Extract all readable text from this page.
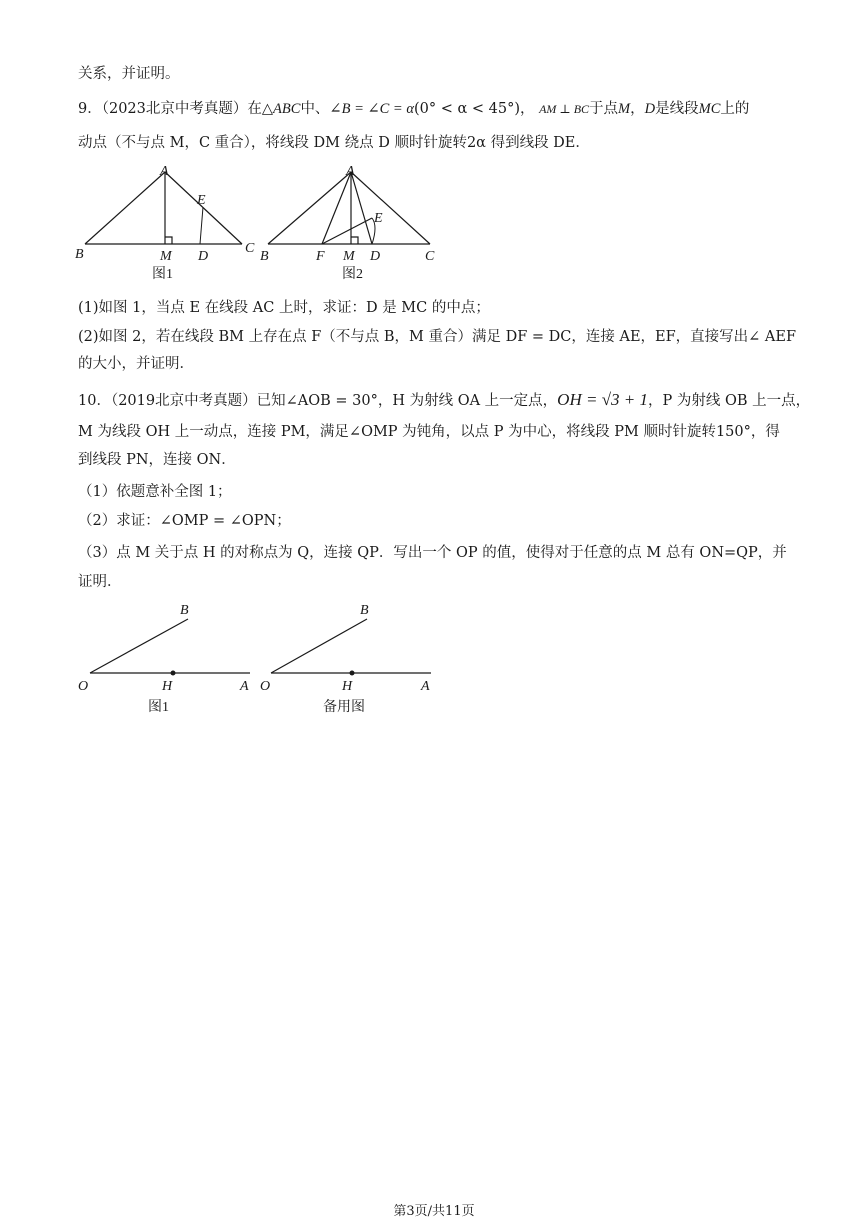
关系，并证明。
9．（2023北京中考真题）在△ABC中、∠B = ∠C = α(0° < α < 45°)， AM ⊥ BC于点M，D是线段MC上的
动点（不与点 M，C 重合），将线段 DM 绕点 D 顺时针旋转2α 得到线段 DE．
A
B	C
M D
E
图1
A
B	C
F M D
E
图2
(1)如图 1，当点 E 在线段 AC 上时，求证：D 是 MC 的中点；
(2)如图 2，若在线段 BM 上存在点 F（不与点 B，M 重合）满足 DF = DC，连接 AE，EF，直接写出∠ AEF
的大小，并证明．
10．（2019北京中考真题）已知∠AOB = 30°，H 为射线 OA 上一定点，OH = √3 + 1，P 为射线 OB 上一点，
M 为线段 OH 上一动点，连接 PM，满足∠OMP 为钝角，以点 P 为中心，将线段 PM 顺时针旋转150°，得
到线段 PN，连接 ON．
（1）依题意补全图 1；
（2）求证：∠OMP = ∠OPN；
（3）点 M 关于点 H 的对称点为 Q，连接 QP．写出一个 OP 的值，使得对于任意的点 M 总有 ON=QP，并
证明．
B
O	H	A
图1
B
O	H	A
备用图
第3页/共11页
